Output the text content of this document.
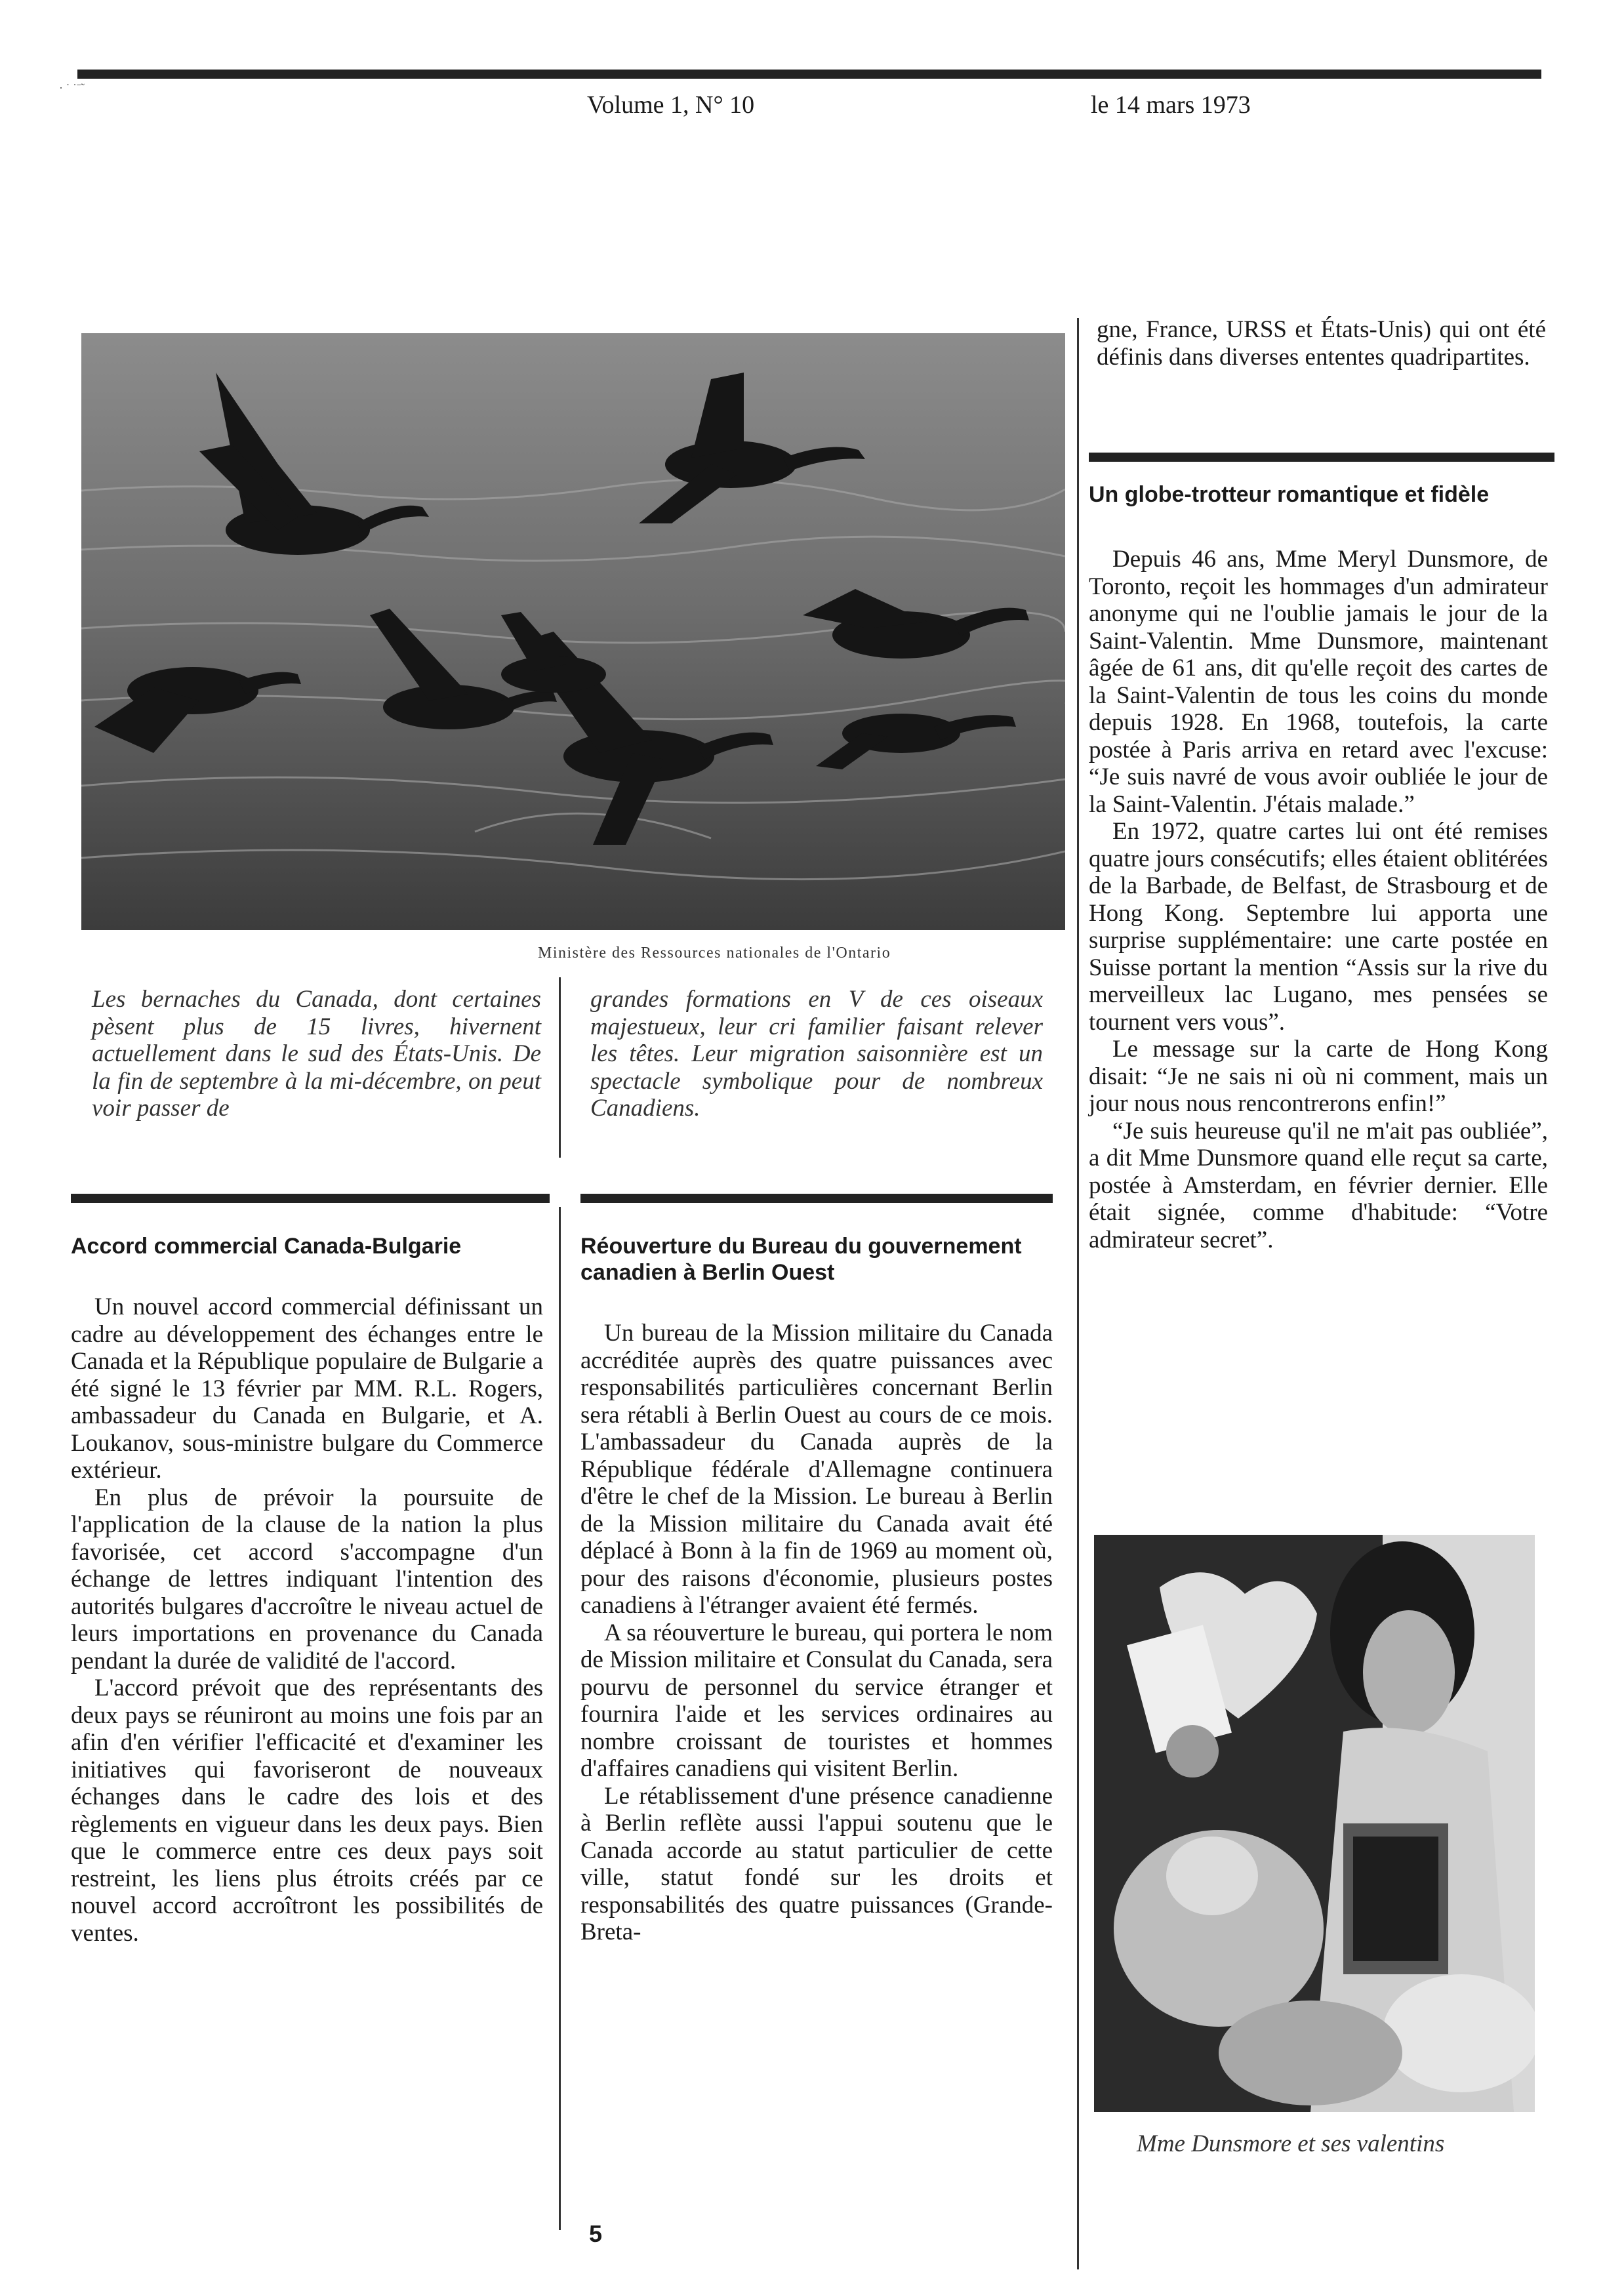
· ˙ ˙ˉ˜
Volume 1, N° 10	le 14 mars 1973
Ministère des Ressources nationales de l'Ontario
Les bernaches du Canada, dont certaines pèsent plus de 15 livres, hivernent actuellement dans le sud des États-Unis. De la fin de septembre à la mi-décembre, on peut voir passer de
grandes formations en V de ces oiseaux majestueux, leur cri familier faisant relever les têtes. Leur migration saisonnière est un spectacle symbolique pour de nombreux Canadiens.

gne, France, URSS et États-Unis) qui ont été définis dans diverses ententes quadripartites.

Un globe-trotteur romantique et fidèle

Depuis 46 ans, Mme Meryl Dunsmore, de Toronto, reçoit les hommages d'un admirateur anonyme qui ne l'oublie jamais le jour de la Saint-Valentin. Mme Dunsmore, maintenant âgée de 61 ans, dit qu'elle reçoit des cartes de la Saint-Valentin de tous les coins du monde depuis 1928. En 1968, toutefois, la carte postée à Paris arriva en retard avec l'excuse: “Je suis navré de vous avoir oubliée le jour de la Saint-Valentin. J'étais malade.”

En 1972, quatre cartes lui ont été remises quatre jours consécutifs; elles étaient oblitérées de la Barbade, de Belfast, de Strasbourg et de Hong Kong. Septembre lui apporta une surprise supplémentaire: une carte postée en Suisse portant la mention “Assis sur la rive du merveilleux lac Lugano, mes pensées se tournent vers vous”.

Le message sur la carte de Hong Kong disait: “Je ne sais ni où ni comment, mais un jour nous nous rencontrerons enfin!”

“Je suis heureuse qu'il ne m'ait pas oubliée”, a dit Mme Dunsmore quand elle reçut sa carte, postée à Amsterdam, en février dernier. Elle était signée, comme d'habitude: “Votre admirateur secret”.

Mme Dunsmore et ses valentins
Accord commercial Canada-Bulgarie

Un nouvel accord commercial définissant un cadre au développement des échanges entre le Canada et la République populaire de Bulgarie a été signé le 13 février par MM. R.L. Rogers, ambassadeur du Canada en Bulgarie, et A. Loukanov, sous-ministre bulgare du Commerce extérieur.

En plus de prévoir la poursuite de l'application de la clause de la nation la plus favorisée, cet accord s'accompagne d'un échange de lettres indiquant l'intention des autorités bulgares d'accroître le niveau actuel de leurs importations en provenance du Canada pendant la durée de validité de l'accord.

L'accord prévoit que des représentants des deux pays se réuniront au moins une fois par an afin d'en vérifier l'efficacité et d'examiner les initiatives qui favoriseront de nouveaux échanges dans le cadre des lois et des règlements en vigueur dans les deux pays. Bien que le commerce entre ces deux pays soit restreint, les liens plus étroits créés par ce nouvel accord accroîtront les possibilités de ventes.

Réouverture du Bureau du gouvernement canadien à Berlin Ouest

Un bureau de la Mission militaire du Canada accréditée auprès des quatre puissances avec responsabilités particulières concernant Berlin sera rétabli à Berlin Ouest au cours de ce mois. L'ambassadeur du Canada auprès de la République fédérale d'Allemagne continuera d'être le chef de la Mission. Le bureau à Berlin de la Mission militaire du Canada avait été déplacé à Bonn à la fin de 1969 au moment où, pour des raisons d'économie, plusieurs postes canadiens à l'étranger avaient été fermés.

A sa réouverture le bureau, qui portera le nom de Mission militaire et Consulat du Canada, sera pourvu de personnel du service étranger et fournira l'aide et les services ordinaires au nombre croissant de touristes et hommes d'affaires canadiens qui visitent Berlin.

Le rétablissement d'une présence canadienne à Berlin reflète aussi l'appui soutenu que le Canada accorde au statut particulier de cette ville, statut fondé sur les droits et responsabilités des quatre puissances (Grande-Breta-

5
